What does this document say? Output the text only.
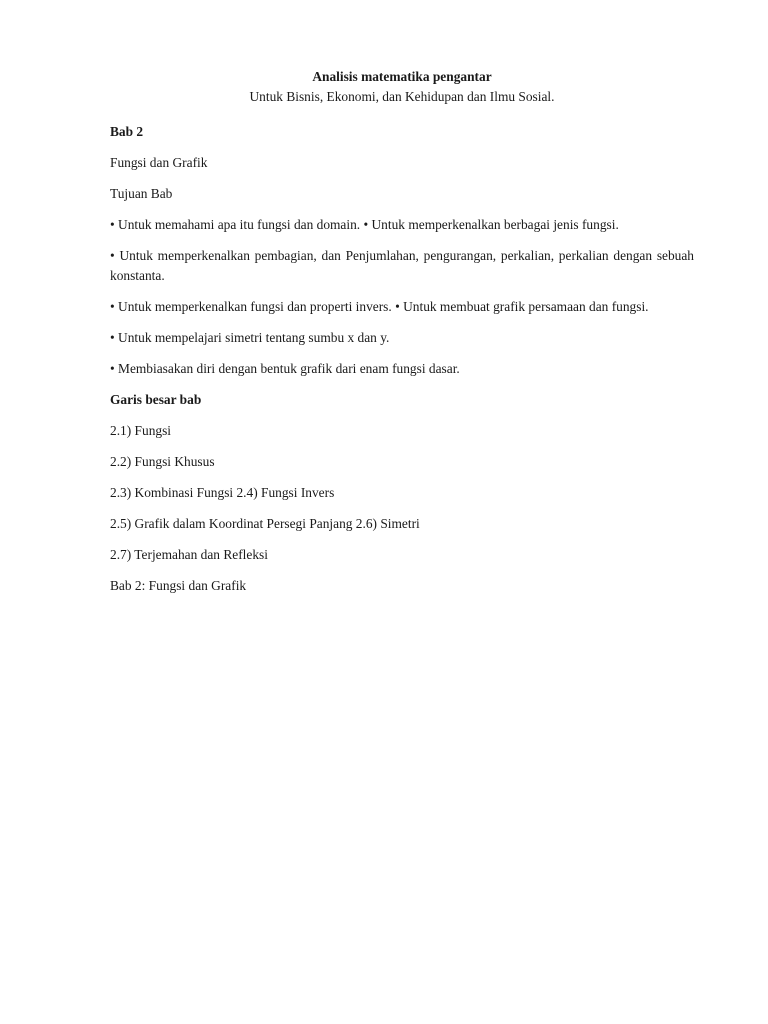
Analisis matematika pengantar

Untuk Bisnis, Ekonomi, dan Kehidupan dan Ilmu Sosial.

Bab 2

Fungsi dan Grafik

Tujuan Bab

• Untuk memahami apa itu fungsi dan domain. • Untuk memperkenalkan berbagai jenis fungsi.

• Untuk memperkenalkan pembagian, dan Penjumlahan, pengurangan, perkalian, perkalian dengan sebuah konstanta.

• Untuk memperkenalkan fungsi dan properti invers. • Untuk membuat grafik persamaan dan fungsi.

• Untuk mempelajari simetri tentang sumbu x dan y.

• Membiasakan diri dengan bentuk grafik dari enam fungsi dasar.

Garis besar bab

2.1) Fungsi

2.2) Fungsi Khusus

2.3) Kombinasi Fungsi 2.4) Fungsi Invers

2.5) Grafik dalam Koordinat Persegi Panjang 2.6) Simetri

2.7) Terjemahan dan Refleksi

Bab 2: Fungsi dan Grafik
